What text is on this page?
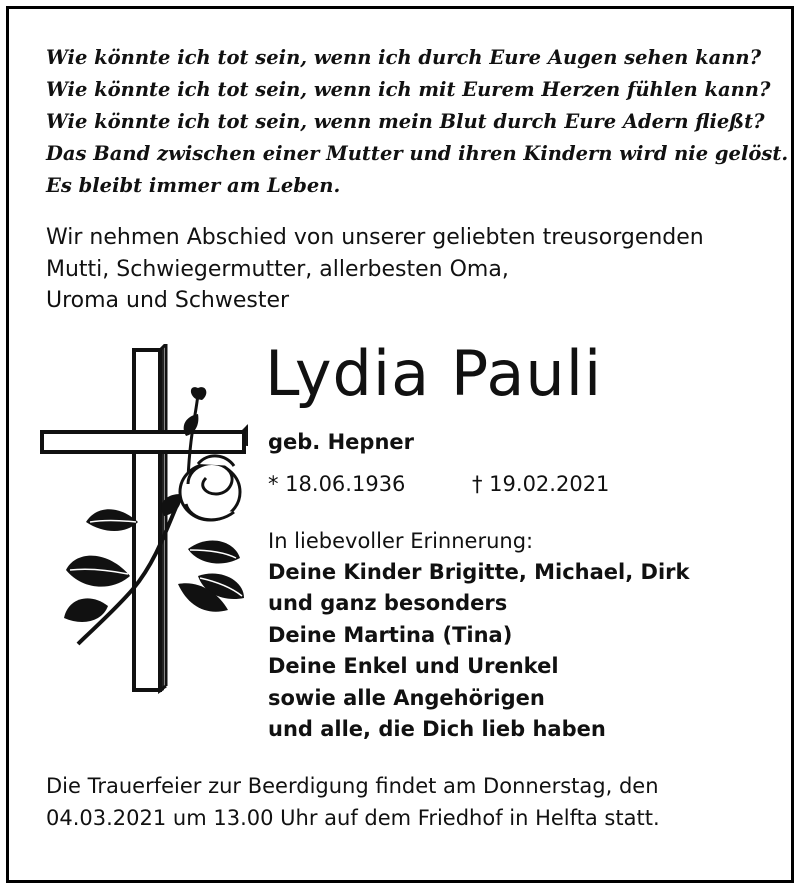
Wie könnte ich tot sein, wenn ich durch Eure Augen sehen kann?
Wie könnte ich tot sein, wenn ich mit Eurem Herzen fühlen kann?
Wie könnte ich tot sein, wenn mein Blut durch Eure Adern fließt?
Das Band zwischen einer Mutter und ihren Kindern wird nie gelöst.
Es bleibt immer am Leben.
Wir nehmen Abschied von unserer geliebten treusorgenden
Mutti, Schwiegermutter, allerbesten Oma,
Uroma und Schwester
Lydia Pauli
geb. Hepner
* 18.06.1936	† 19.02.2021
In liebevoller Erinnerung:
Deine Kinder Brigitte, Michael, Dirk
und ganz besonders
Deine Martina (Tina)
Deine Enkel und Urenkel
sowie alle Angehörigen
und alle, die Dich lieb haben
Die Trauerfeier zur Beerdigung findet am Donnerstag, den
04.03.2021 um 13.00 Uhr auf dem Friedhof in Helfta statt.
